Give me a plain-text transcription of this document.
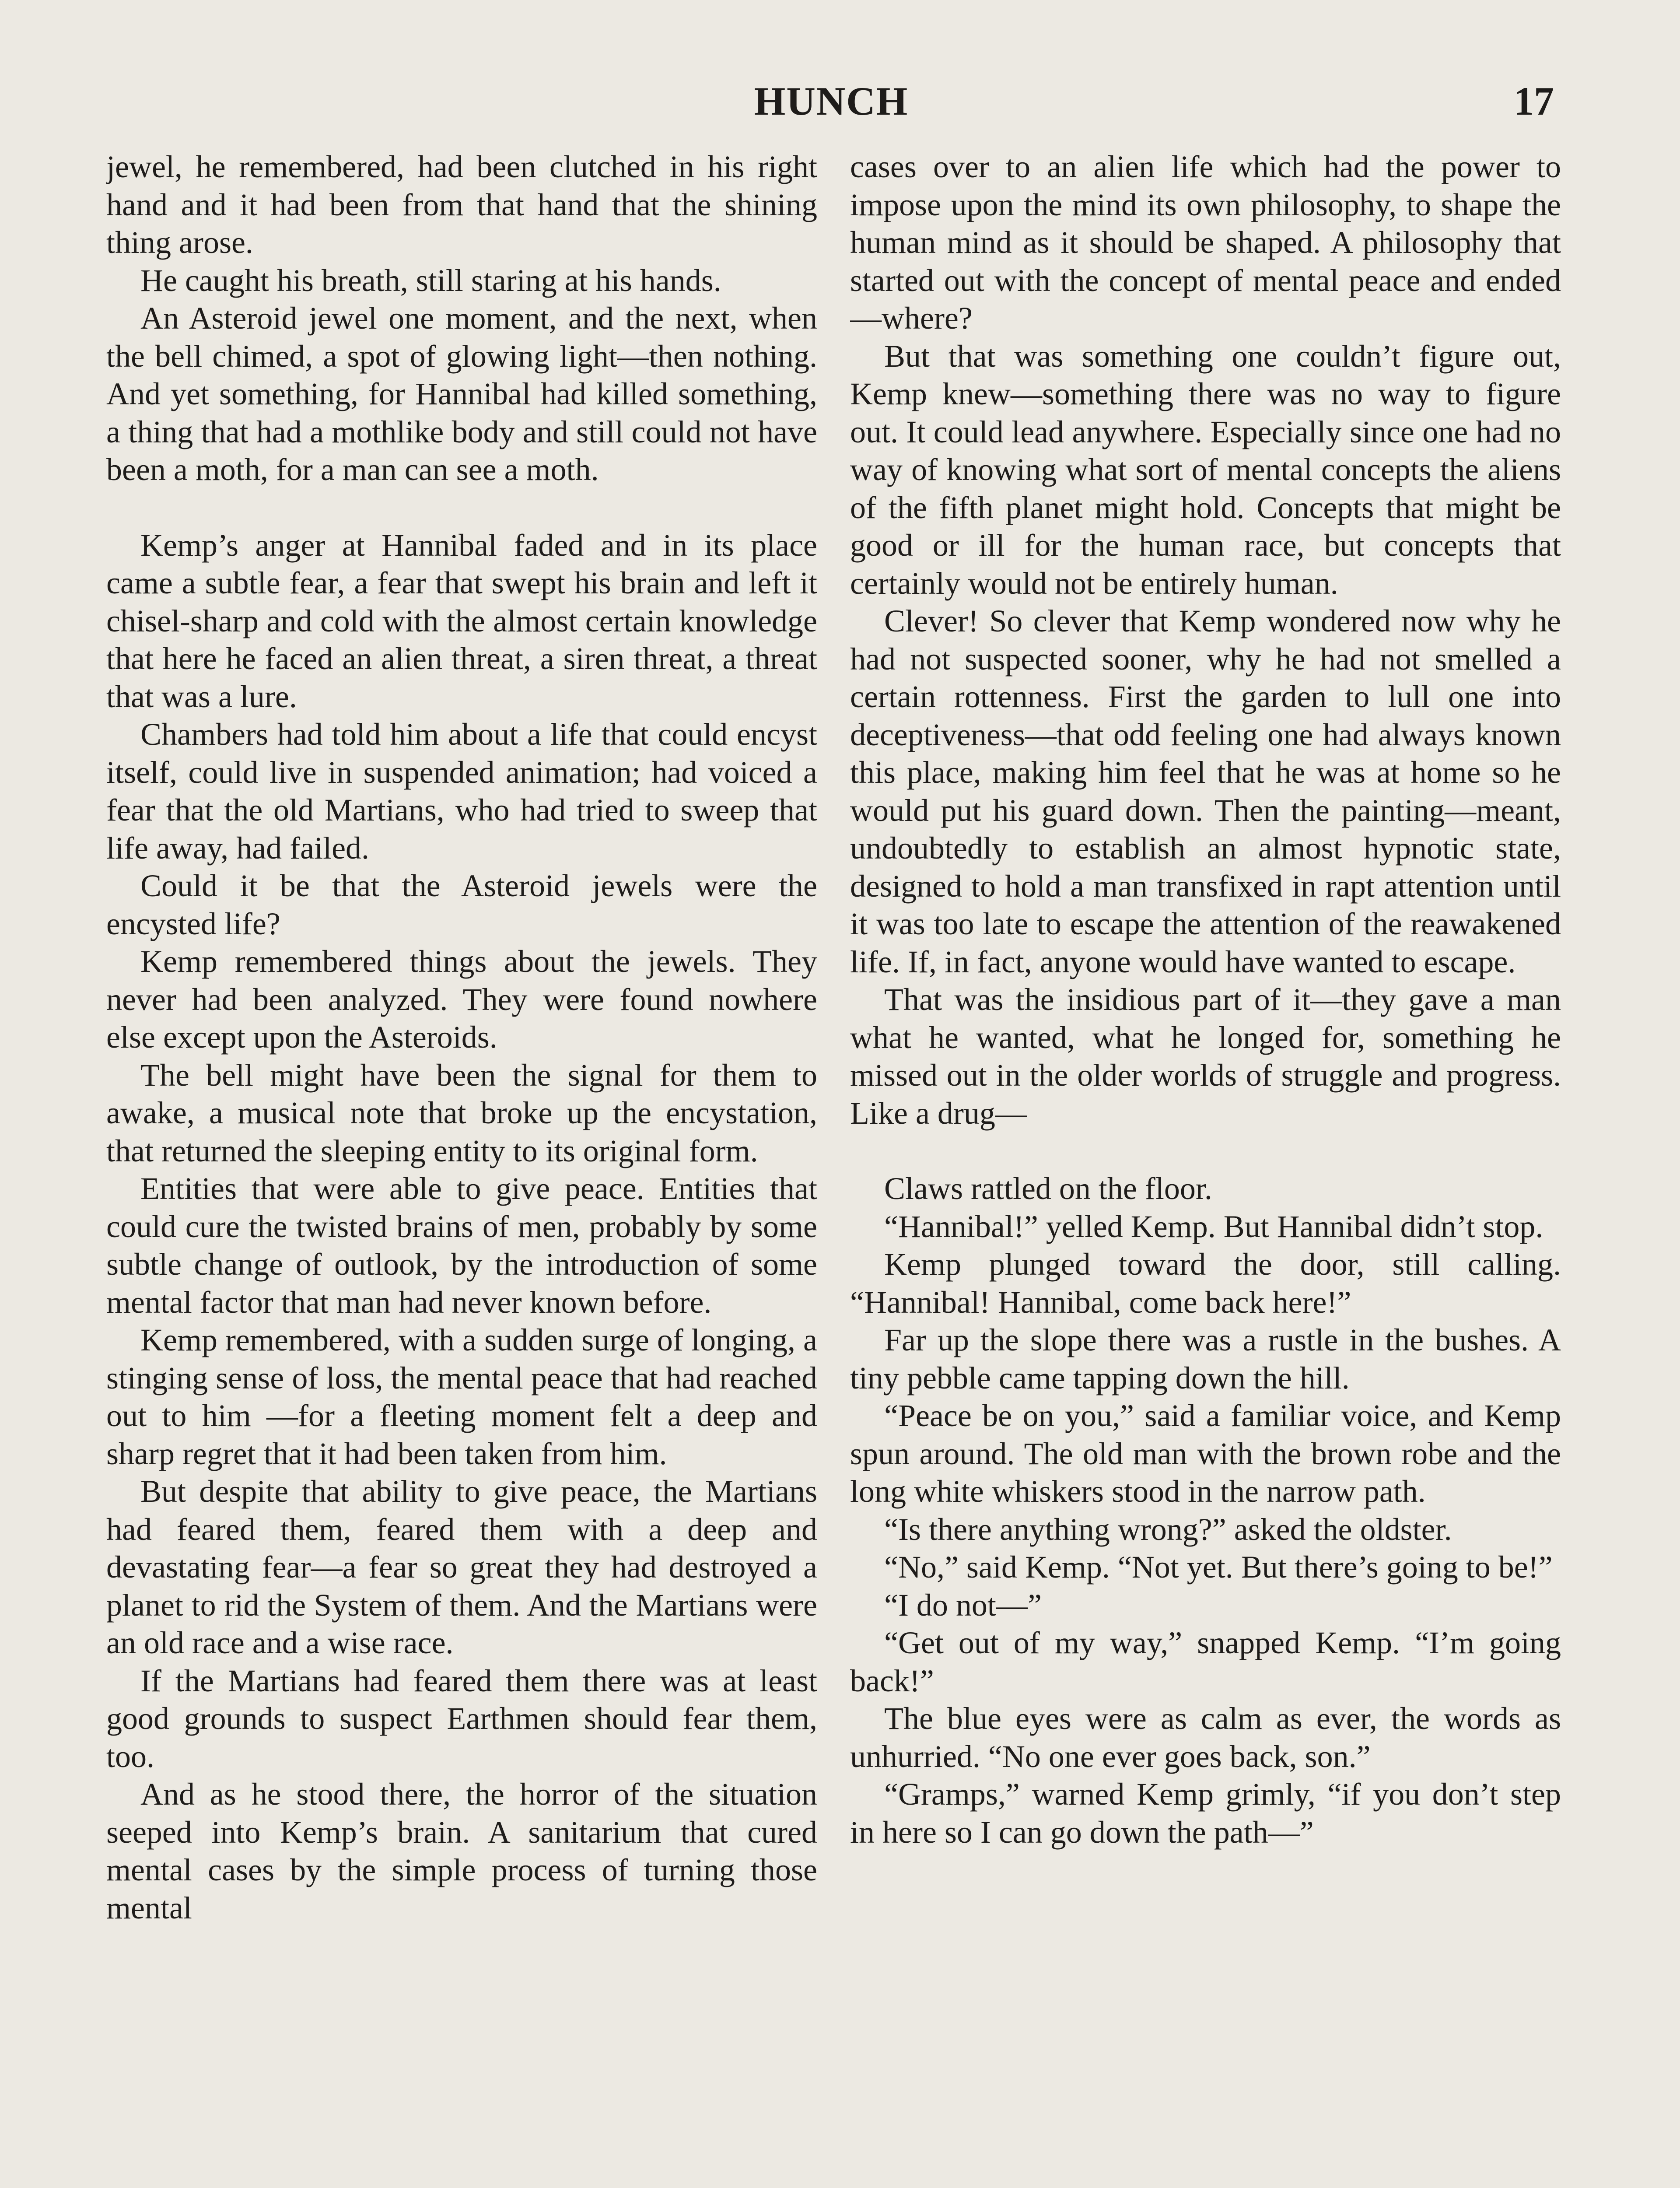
HUNCH	17

jewel, he remembered, had been clutched in his right hand and it had been from that hand that the shining thing arose.

He caught his breath, still staring at his hands.

An Asteroid jewel one moment, and the next, when the bell chimed, a spot of glowing light—then nothing. And yet something, for Hannibal had killed something, a thing that had a mothlike body and still could not have been a moth, for a man can see a moth.

Kemp’s anger at Hannibal faded and in its place came a subtle fear, a fear that swept his brain and left it chisel-sharp and cold with the almost certain knowledge that here he faced an alien threat, a siren threat, a threat that was a lure.

Chambers had told him about a life that could encyst itself, could live in suspended animation; had voiced a fear that the old Martians, who had tried to sweep that life away, had failed.

Could it be that the Asteroid jewels were the encysted life?

Kemp remembered things about the jewels. They never had been analyzed. They were found nowhere else except upon the Asteroids.

The bell might have been the signal for them to awake, a musical note that broke up the encystation, that returned the sleeping entity to its original form.

Entities that were able to give peace. Entities that could cure the twisted brains of men, probably by some subtle change of outlook, by the introduction of some mental factor that man had never known before.

Kemp remembered, with a sudden surge of longing, a stinging sense of loss, the mental peace that had reached out to him —for a fleeting moment felt a deep and sharp regret that it had been taken from him.

But despite that ability to give peace, the Martians had feared them, feared them with a deep and devastating fear—a fear so great they had destroyed a planet to rid the System of them. And the Martians were an old race and a wise race.

If the Martians had feared them there was at least good grounds to suspect Earthmen should fear them, too.

And as he stood there, the horror of the situation seeped into Kemp’s brain. A sanitarium that cured mental cases by the simple process of turning those mental

cases over to an alien life which had the power to impose upon the mind its own philosophy, to shape the human mind as it should be shaped. A philosophy that started out with the concept of mental peace and ended—where?

But that was something one couldn’t figure out, Kemp knew—something there was no way to figure out. It could lead anywhere. Especially since one had no way of knowing what sort of mental concepts the aliens of the fifth planet might hold. Concepts that might be good or ill for the human race, but concepts that certainly would not be entirely human.

Clever! So clever that Kemp wondered now why he had not suspected sooner, why he had not smelled a certain rottenness. First the garden to lull one into deceptiveness—that odd feeling one had always known this place, making him feel that he was at home so he would put his guard down. Then the painting—meant, undoubtedly to establish an almost hypnotic state, designed to hold a man transfixed in rapt attention until it was too late to escape the attention of the reawakened life. If, in fact, anyone would have wanted to escape.

That was the insidious part of it—they gave a man what he wanted, what he longed for, something he missed out in the older worlds of struggle and progress. Like a drug—

Claws rattled on the floor.

“Hannibal!” yelled Kemp. But Hannibal didn’t stop.

Kemp plunged toward the door, still calling. “Hannibal! Hannibal, come back here!”

Far up the slope there was a rustle in the bushes. A tiny pebble came tapping down the hill.

“Peace be on you,” said a familiar voice, and Kemp spun around. The old man with the brown robe and the long white whiskers stood in the narrow path.

“Is there anything wrong?” asked the oldster.

“No,” said Kemp. “Not yet. But there’s going to be!”

“I do not—”

“Get out of my way,” snapped Kemp. “I’m going back!”

The blue eyes were as calm as ever, the words as unhurried. “No one ever goes back, son.”

“Gramps,” warned Kemp grimly, “if you don’t step in here so I can go down the path—”
